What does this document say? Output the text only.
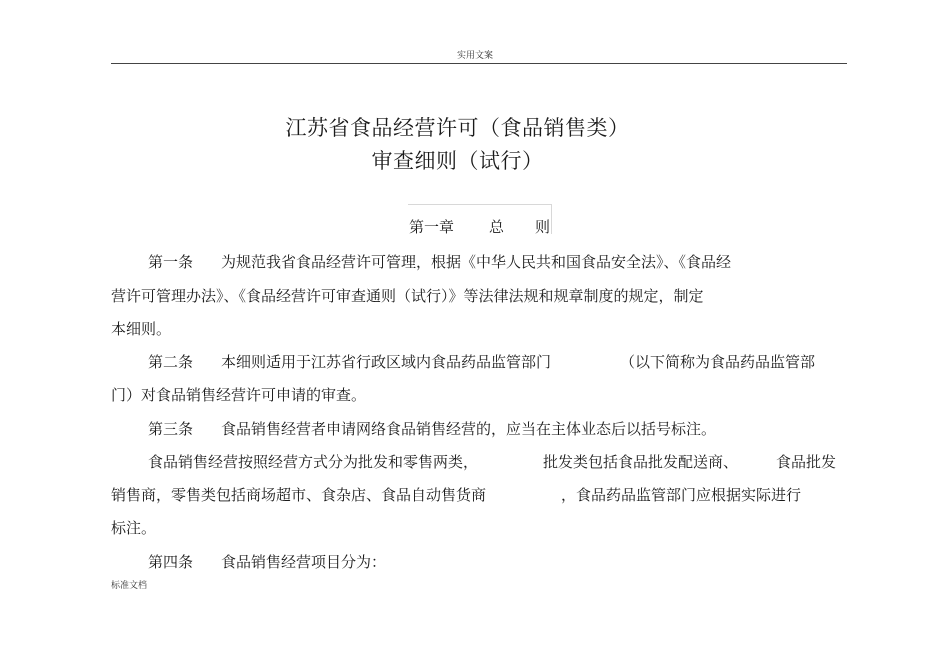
实用文案
江苏省食品经营许可（食品销售类）
审查细则（试行）
第一章 总 则
第一条 为规范我省食品经营许可管理，根据《中华人民共和国食品安全法》、《食品经
营许可管理办法》、《食品经营许可审查通则（试行）》等法律法规和规章制度的规定，制定
本细则。
第二条 本细则适用于江苏省行政区域内食品药品监管部门	（以下简称为食品药品监管部
门）对食品销售经营许可申请的审查。
第三条 食品销售经营者申请网络食品销售经营的，应当在主体业态后以括号标注。
食品销售经营按照经营方式分为批发和零售两类，	批发类包括食品批发配送商、	食品批发
销售商，零售类包括商场超市、食杂店、食品自动售货商	，食品药品监管部门应根据实际进行
标注。
第四条 食品销售经营项目分为：
标准文档
